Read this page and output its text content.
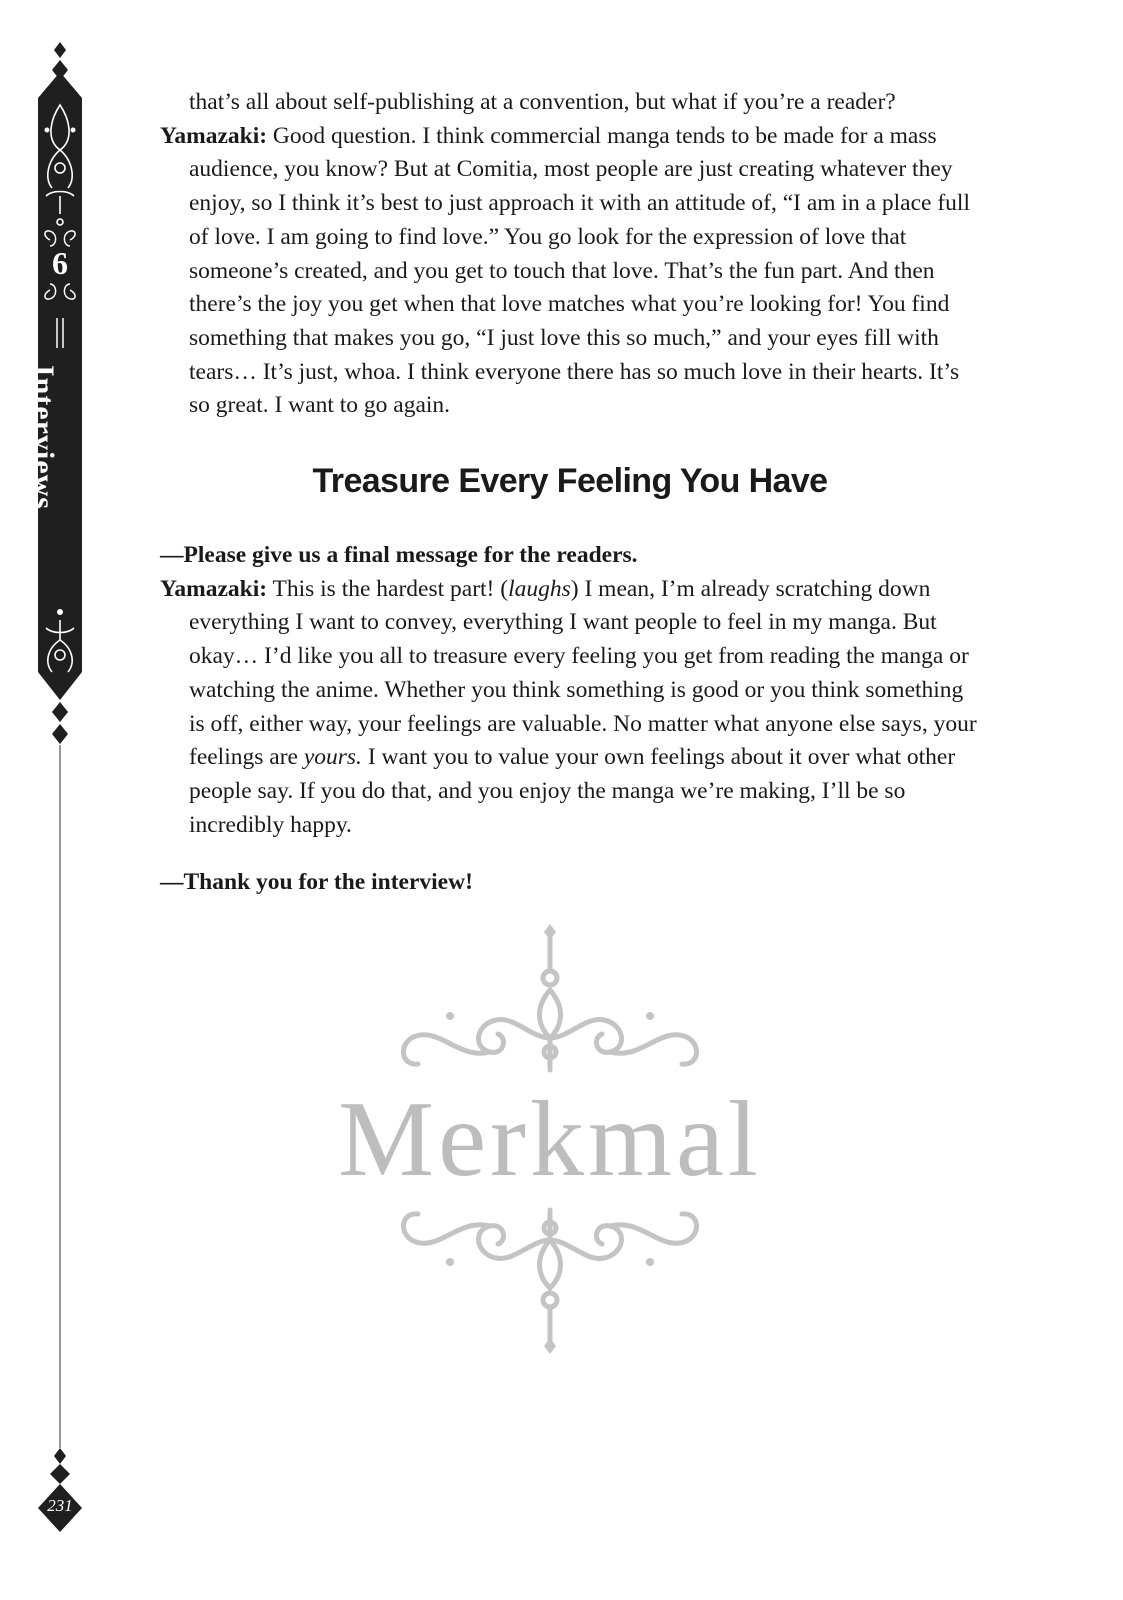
6
Interviews
231

that’s all about self-publishing at a convention, but what if you’re a reader?

Yamazaki: Good question. I think commercial manga tends to be made for a mass audience, you know? But at Comitia, most people are just creating whatever they enjoy, so I think it’s best to just approach it with an attitude of, “I am in a place full of love. I am going to find love.” You go look for the expression of love that someone’s created, and you get to touch that love. That’s the fun part. And then there’s the joy you get when that love matches what you’re looking for! You find something that makes you go, “I just love this so much,” and your eyes fill with tears… It’s just, whoa. I think everyone there has so much love in their hearts. It’s so great. I want to go again.

Treasure Every Feeling You Have

—Please give us a final message for the readers.

Yamazaki: This is the hardest part! (laughs) I mean, I’m already scratching down everything I want to convey, everything I want people to feel in my manga. But okay… I’d like you all to treasure every feeling you get from reading the manga or watching the anime. Whether you think something is good or you think something is off, either way, your feelings are valuable. No matter what anyone else says, your feelings are yours. I want you to value your own feelings about it over what other people say. If you do that, and you enjoy the manga we’re making, I’ll be so incredibly happy.

—Thank you for the interview!

Merkmal
